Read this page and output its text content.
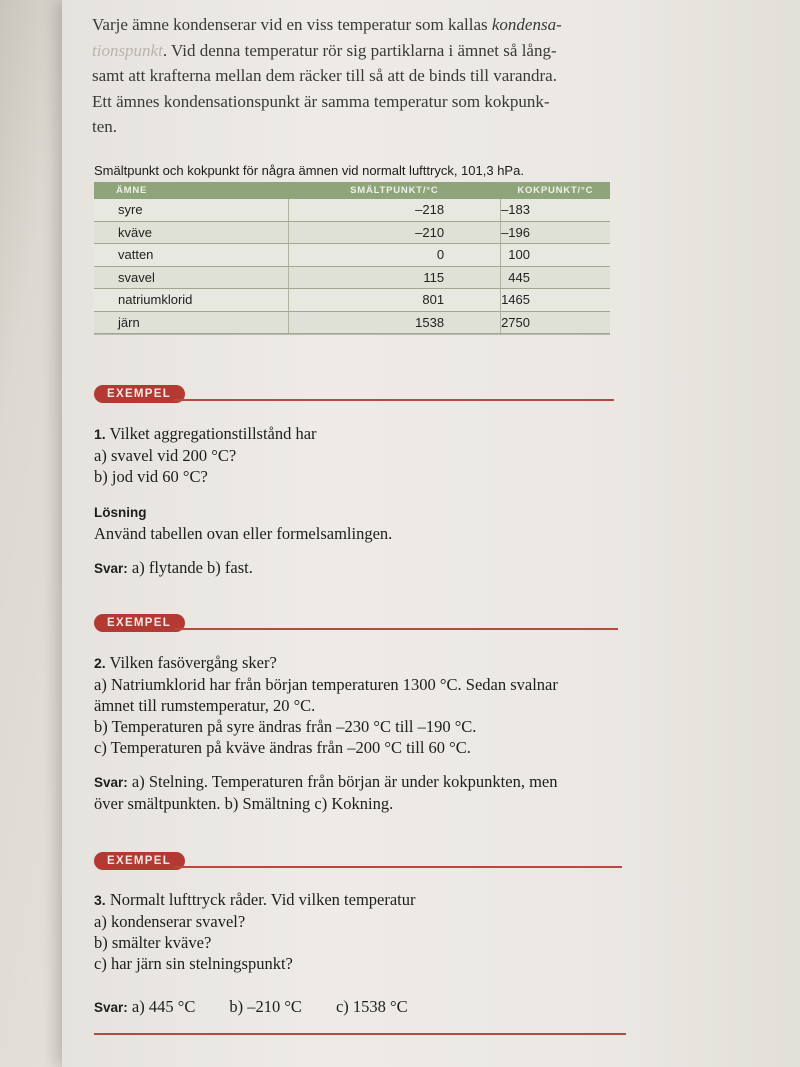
Varje ämne kondenserar vid en viss temperatur som kallas kondensa-
tionspunkt. Vid denna temperatur rör sig partiklarna i ämnet så lång-
samt att krafterna mellan dem räcker till så att de binds till varandra.
Ett ämnes kondensationspunkt är samma temperatur som kokpunk-
ten.

Smältpunkt och kokpunkt för några ämnen vid normalt lufttryck, 101,3 hPa.

ÄMNE	SMÄLTPUNKT/°C	KOKPUNKT/°C
syre	–218	–183
kväve	–210	–196
vatten	0	100
svavel	115	445
natriumklorid	801	1465
järn	1538	2750
EXEMPEL
1. Vilket aggregationstillstånd har
a) svavel vid 200 °C?
b) jod vid 60 °C?
Lösning
Använd tabellen ovan eller formelsamlingen.
Svar: a) flytande b) fast.
EXEMPEL
2. Vilken fasövergång sker?
a) Natriumklorid har från början temperaturen 1300 °C. Sedan svalnar
ämnet till rumstemperatur, 20 °C.
b) Temperaturen på syre ändras från –230 °C till –190 °C.
c) Temperaturen på kväve ändras från –200 °C till 60 °C.
Svar: a) Stelning. Temperaturen från början är under kokpunkten, men
över smältpunkten. b) Smältning c) Kokning.
EXEMPEL
3. Normalt lufttryck råder. Vid vilken temperatur
a) kondenserar svavel?
b) smälter kväve?
c) har järn sin stelningspunkt?
Svar: a) 445 °C b) –210 °C c) 1538 °C
